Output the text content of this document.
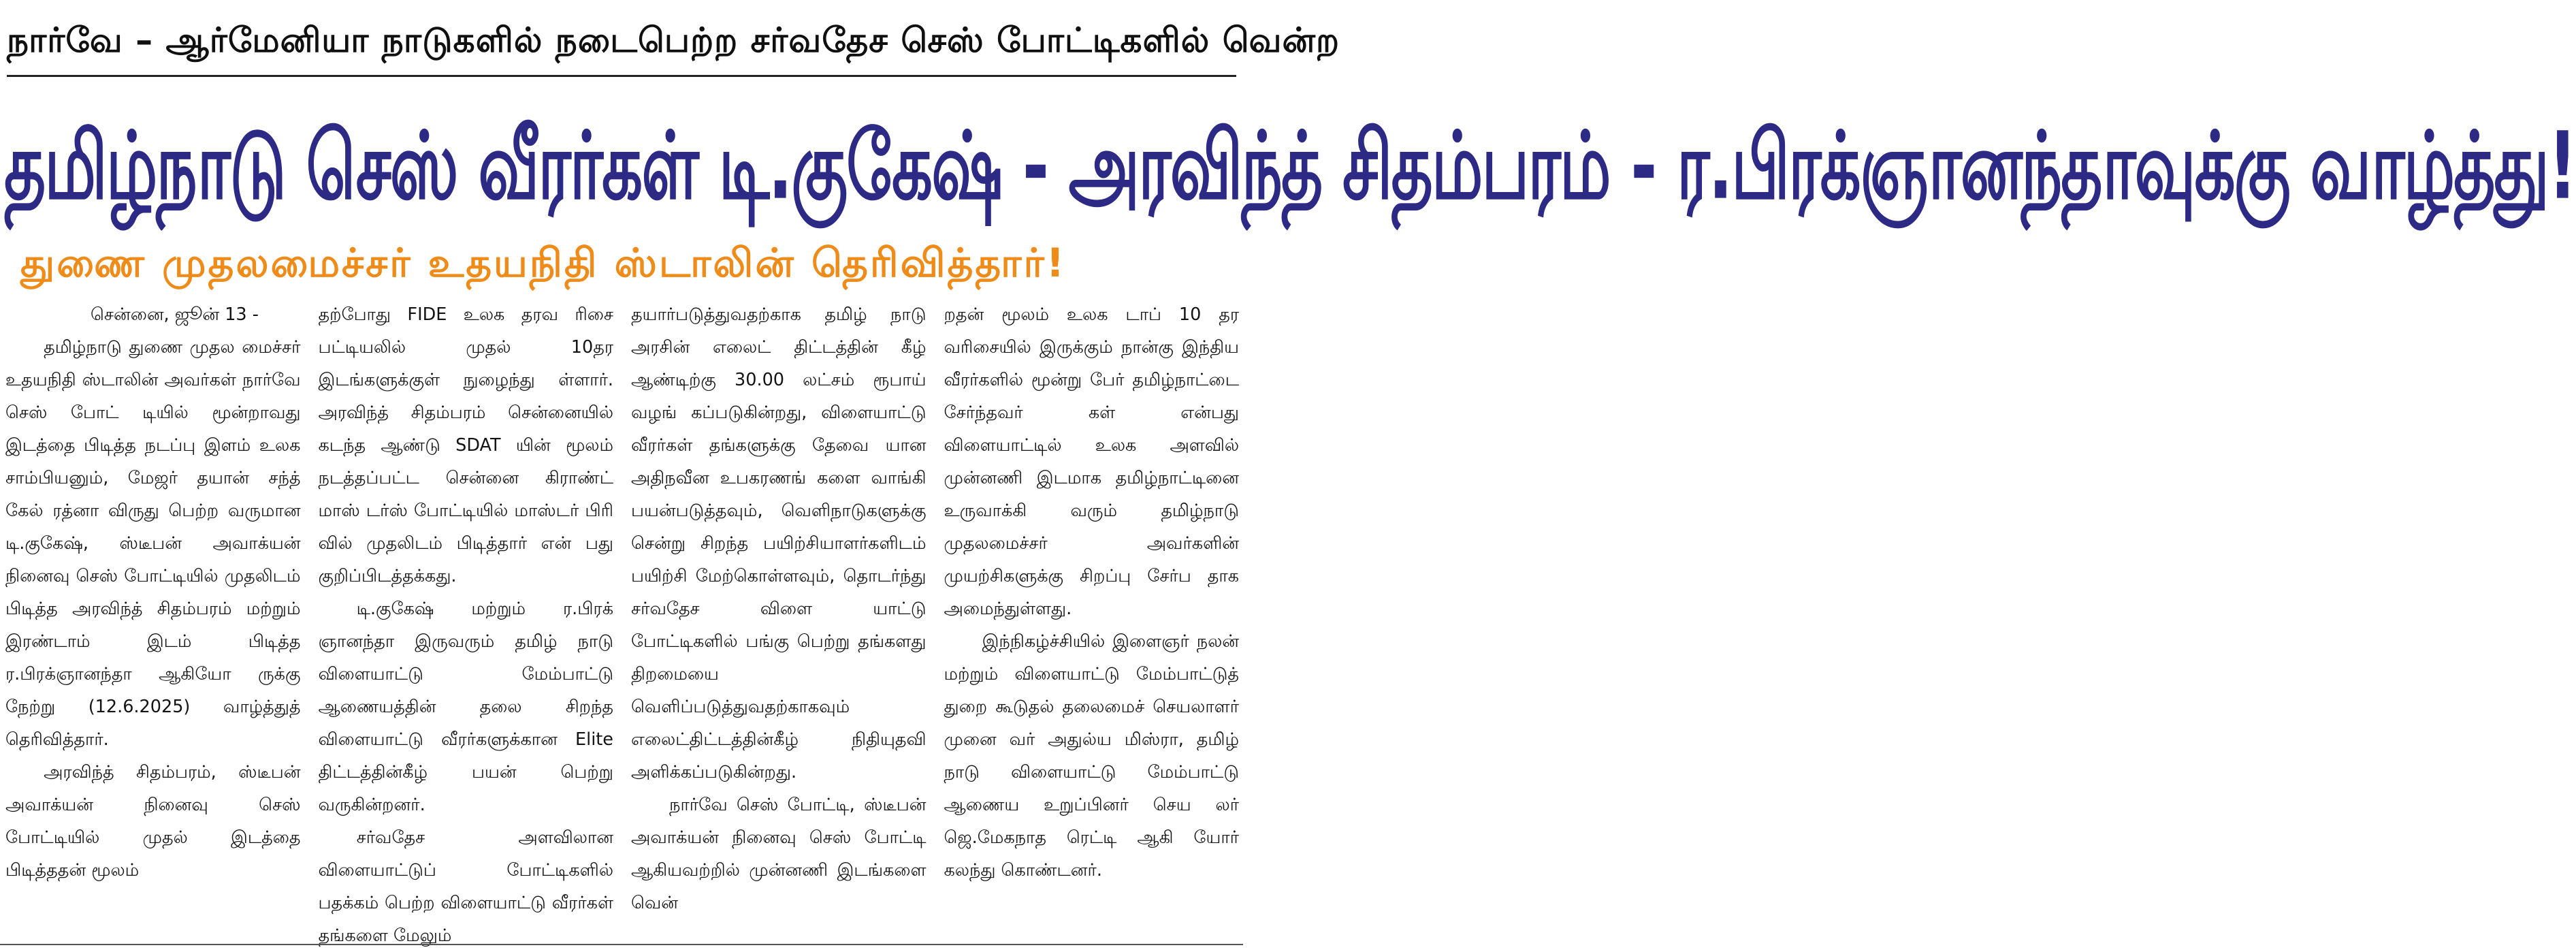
நார்வே – ஆர்மேனியா நாடுகளில் நடைபெற்ற சர்வதேச செஸ் போட்டிகளில் வென்ற
தமிழ்நாடு செஸ் வீரர்கள் டி.குகேஷ் - அரவிந்த் சிதம்பரம் - ர.பிரக்ஞானந்தாவுக்கு வாழ்த்து!
துணை முதலமைச்சர் உதயநிதி ஸ்டாலின் தெரிவித்தார்!

சென்னை, ஜூன் 13 -

தமிழ்நாடு துணை முதல மைச்சர் உதயநிதி ஸ்டாலின் அவர்கள் நார்வே செஸ் போட் டியில் மூன்றாவது இடத்தை பிடித்த நடப்பு இளம் உலக சாம்பியனும், மேஜர் தயான் சந்த் கேல் ரத்னா விருது பெற்ற வருமான டி.குகேஷ், ஸ்டீபன் அவாக்யன் நினைவு செஸ் போட்டியில் முதலிடம் பிடித்த அரவிந்த் சிதம்பரம் மற்றும் இரண்டாம் இடம் பிடித்த ர.பிரக்ஞானந்தா ஆகியோ ருக்கு நேற்று (12.6.2025) வாழ்த்துத் தெரிவித்தார்.

அரவிந்த் சிதம்பரம், ஸ்டீபன் அவாக்யன் நினைவு செஸ் போட்டியில் முதல் இடத்தை பிடித்ததன் மூலம்

தற்போது FIDE உலக தரவ ரிசை பட்டியலில் முதல் 10தர இடங்களுக்குள் நுழைந்து ள்ளார். அரவிந்த் சிதம்பரம் சென்னையில் கடந்த ஆண்டு SDAT யின் மூலம் நடத்தப்பட்ட சென்னை கிராண்ட் மாஸ் டர்ஸ் போட்டியில் மாஸ்டர் பிரி வில் முதலிடம் பிடித்தார் என் பது குறிப்பிடத்தக்கது.

டி.குகேஷ் மற்றும் ர.பிரக் ஞானந்தா இருவரும் தமிழ் நாடு விளையாட்டு மேம்பாட்டு ஆணையத்தின் தலை சிறந்த விளையாட்டு வீரர்களுக்கான Elite திட்டத்தின்கீழ் பயன் பெற்று வருகின்றனர்.

சர்வதேச அளவிலான விளையாட்டுப் போட்டிகளில் பதக்கம் பெற்ற விளையாட்டு வீரர்கள் தங்களை மேலும்

தயார்படுத்துவதற்காக தமிழ் நாடு அரசின் எலைட் திட்டத்தின் கீழ் ஆண்டிற்கு 30.00 லட்சம் ரூபாய் வழங் கப்படுகின்றது, விளையாட்டு வீரர்கள் தங்களுக்கு தேவை யான அதிநவீன உபகரணங் களை வாங்கி பயன்படுத்தவும், வெளிநாடுகளுக்கு சென்று சிறந்த பயிற்சியாளர்களிடம் பயிற்சி மேற்கொள்ளவும், தொடர்ந்து சர்வதேச விளை யாட்டு போட்டிகளில் பங்கு பெற்று தங்களது திறமையை வெளிப்படுத்துவதற்காகவும் எலைட்திட்டத்தின்கீழ் நிதியுதவி அளிக்கப்படுகின்றது.

நார்வே செஸ் போட்டி, ஸ்டீபன் அவாக்யன் நினைவு செஸ் போட்டி ஆகியவற்றில் முன்னணி இடங்களை வென்

றதன் மூலம் உலக டாப் 10 தர வரிசையில் இருக்கும் நான்கு இந்திய வீரர்களில் மூன்று பேர் தமிழ்நாட்டை சேர்ந்தவர் கள் என்பது விளையாட்டில் உலக அளவில் முன்னணி இடமாக தமிழ்நாட்டினை உருவாக்கி வரும் தமிழ்நாடு முதலமைச்சர் அவர்களின் முயற்சிகளுக்கு சிறப்பு சேர்ப தாக அமைந்துள்ளது.

இந்நிகழ்ச்சியில் இளைஞர் நலன் மற்றும் விளையாட்டு மேம்பாட்டுத் துறை கூடுதல் தலைமைச் செயலாளர் முனை வர் அதுல்ய மிஸ்ரா, தமிழ் நாடு விளையாட்டு மேம்பாட்டு ஆணைய உறுப்பினர் செய லர் ஜெ.மேகநாத ரெட்டி ஆகி யோர் கலந்து கொண்டனர்.
